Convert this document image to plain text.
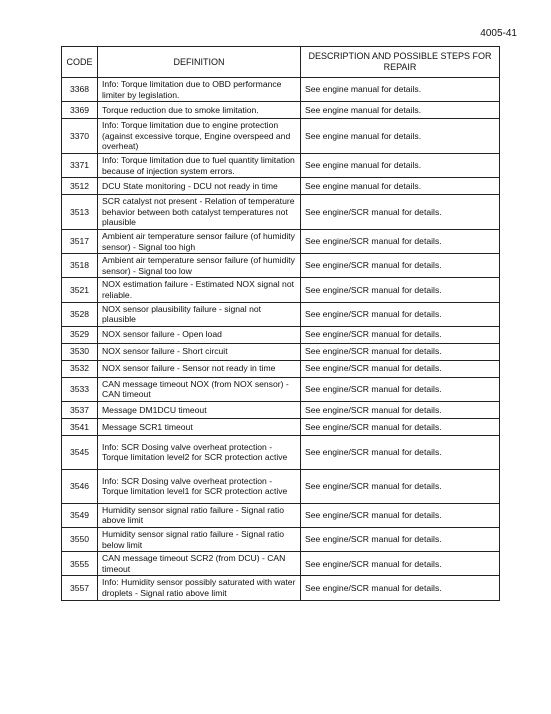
4005-41
CODE	DEFINITION	DESCRIPTION AND POSSIBLE STEPS FOR REPAIR
3368	Info: Torque limitation due to OBD performance limiter by legislation.	See engine manual for details.
3369	Torque reduction due to smoke limitation.	See engine manual for details.
3370	Info: Torque limitation due to engine protection (against excessive torque, Engine overspeed and overheat)	See engine manual for details.
3371	Info: Torque limitation due to fuel quantity limitation because of injection system errors.	See engine manual for details.
3512	DCU State monitoring - DCU not ready in time	See engine manual for details.
3513	SCR catalyst not present - Relation of temperature behavior between both catalyst temperatures not plausible	See engine/SCR manual for details.
3517	Ambient air temperature sensor failure (of humidity sensor) - Signal too high	See engine/SCR manual for details.
3518	Ambient air temperature sensor failure (of humidity sensor) - Signal too low	See engine/SCR manual for details.
3521	NOX estimation failure - Estimated NOX signal not reliable.	See engine/SCR manual for details.
3528	NOX sensor plausibility failure - signal not plausible	See engine/SCR manual for details.
3529	NOX sensor failure - Open load	See engine/SCR manual for details.
3530	NOX sensor failure - Short circuit	See engine/SCR manual for details.
3532	NOX sensor failure - Sensor not ready in time	See engine/SCR manual for details.
3533	CAN message timeout NOX (from NOX sensor) - CAN timeout	See engine/SCR manual for details.
3537	Message DM1DCU timeout	See engine/SCR manual for details.
3541	Message SCR1 timeout	See engine/SCR manual for details.
3545	Info: SCR Dosing valve overheat protection - Torque limitation level2 for SCR protection active	See engine/SCR manual for details.
3546	Info: SCR Dosing valve overheat protection - Torque limitation level1 for SCR protection active	See engine/SCR manual for details.
3549	Humidity sensor signal ratio failure - Signal ratio above limit	See engine/SCR manual for details.
3550	Humidity sensor signal ratio failure - Signal ratio below limit	See engine/SCR manual for details.
3555	CAN message timeout SCR2 (from DCU) - CAN timeout	See engine/SCR manual for details.
3557	Info: Humidity sensor possibly saturated with water droplets - Signal ratio above limit	See engine/SCR manual for details.
